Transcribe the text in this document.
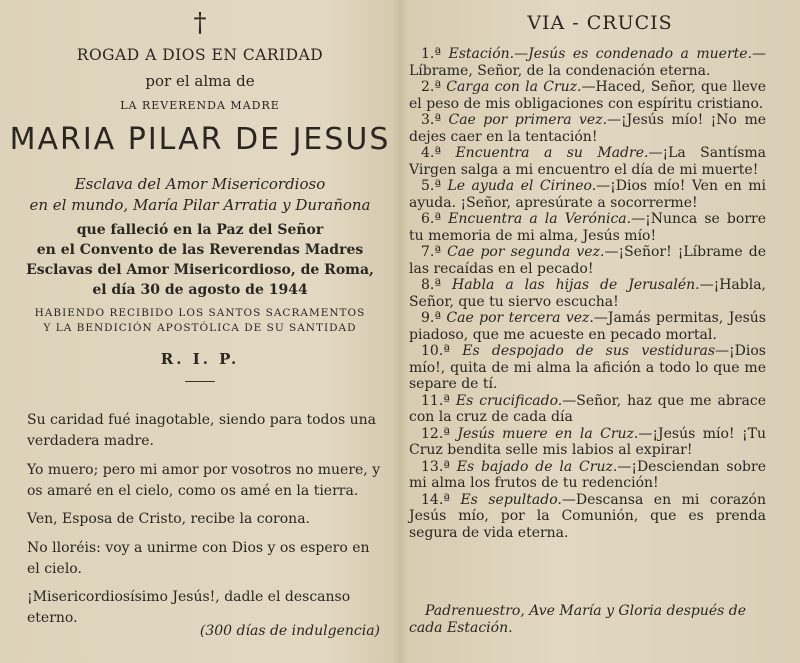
†
ROGAD A DIOS EN CARIDAD
por el alma de
LA REVERENDA MADRE
MARIA PILAR DE JESUS
Esclava del Amor Misericordioso
en el mundo, María Pilar Arratia y Durañona
que falleció en la Paz del Señor
en el Convento de las Reverendas Madres
Esclavas del Amor Misericordioso, de Roma,
el día 30 de agosto de 1944
HABIENDO RECIBIDO LOS SANTOS SACRAMENTOS
Y LA BENDICIÓN APOSTÓLICA DE SU SANTIDAD
R. I. P.
Su caridad fué inagotable, siendo para todos una verdadera madre.
Yo muero; pero mi amor por vosotros no muere, y os amaré en el cielo, como os amé en la tierra.
Ven, Esposa de Cristo, recibe la corona.
No lloréis: voy a unirme con Dios y os espero en el cielo.
¡Misericordiosísimo Jesús!, dadle el descanso eterno.
(300 días de indulgencia)
VIA - CRUCIS

1.ª Estación.—Jesús es condenado a muerte.—Líbrame, Señor, de la condenación eterna.

2.ª Carga con la Cruz.—Haced, Señor, que lleve el peso de mis obligaciones con espíritu cristiano.

3.ª Cae por primera vez.—¡Jesús mío! ¡No me dejes caer en la tentación!

4.ª Encuentra a su Madre.—¡La Santísma Virgen salga a mi encuentro el día de mi muerte!

5.ª Le ayuda el Cirineo.—¡Dios mío! Ven en mi ayuda. ¡Señor, apresúrate a socorrerme!

6.ª Encuentra a la Verónica.—¡Nunca se borre tu memoria de mi alma, Jesús mío!

7.ª Cae por segunda vez.—¡Señor! ¡Líbrame de las recaídas en el pecado!

8.ª Habla a las hijas de Jerusalén.—¡Habla, Señor, que tu siervo escucha!

9.ª Cae por tercera vez.—Jamás permitas, Jesús piadoso, que me acueste en pecado mortal.

10.ª Es despojado de sus vestiduras—¡Dios mío!, quita de mi alma la afición a todo lo que me separe de tí.

11.ª Es crucificado.—Señor, haz que me abrace con la cruz de cada día

12.ª Jesús muere en la Cruz.—¡Jesús mío! ¡Tu Cruz bendita selle mis labios al expirar!

13.ª Es bajado de la Cruz.—¡Desciendan sobre mi alma los frutos de tu redención!

14.ª Es sepultado.—Descansa en mi corazón Jesús mío, por la Comunión, que es prenda segura de vida eterna.

Padrenuestro, Ave María y Gloria después de cada Estación.
